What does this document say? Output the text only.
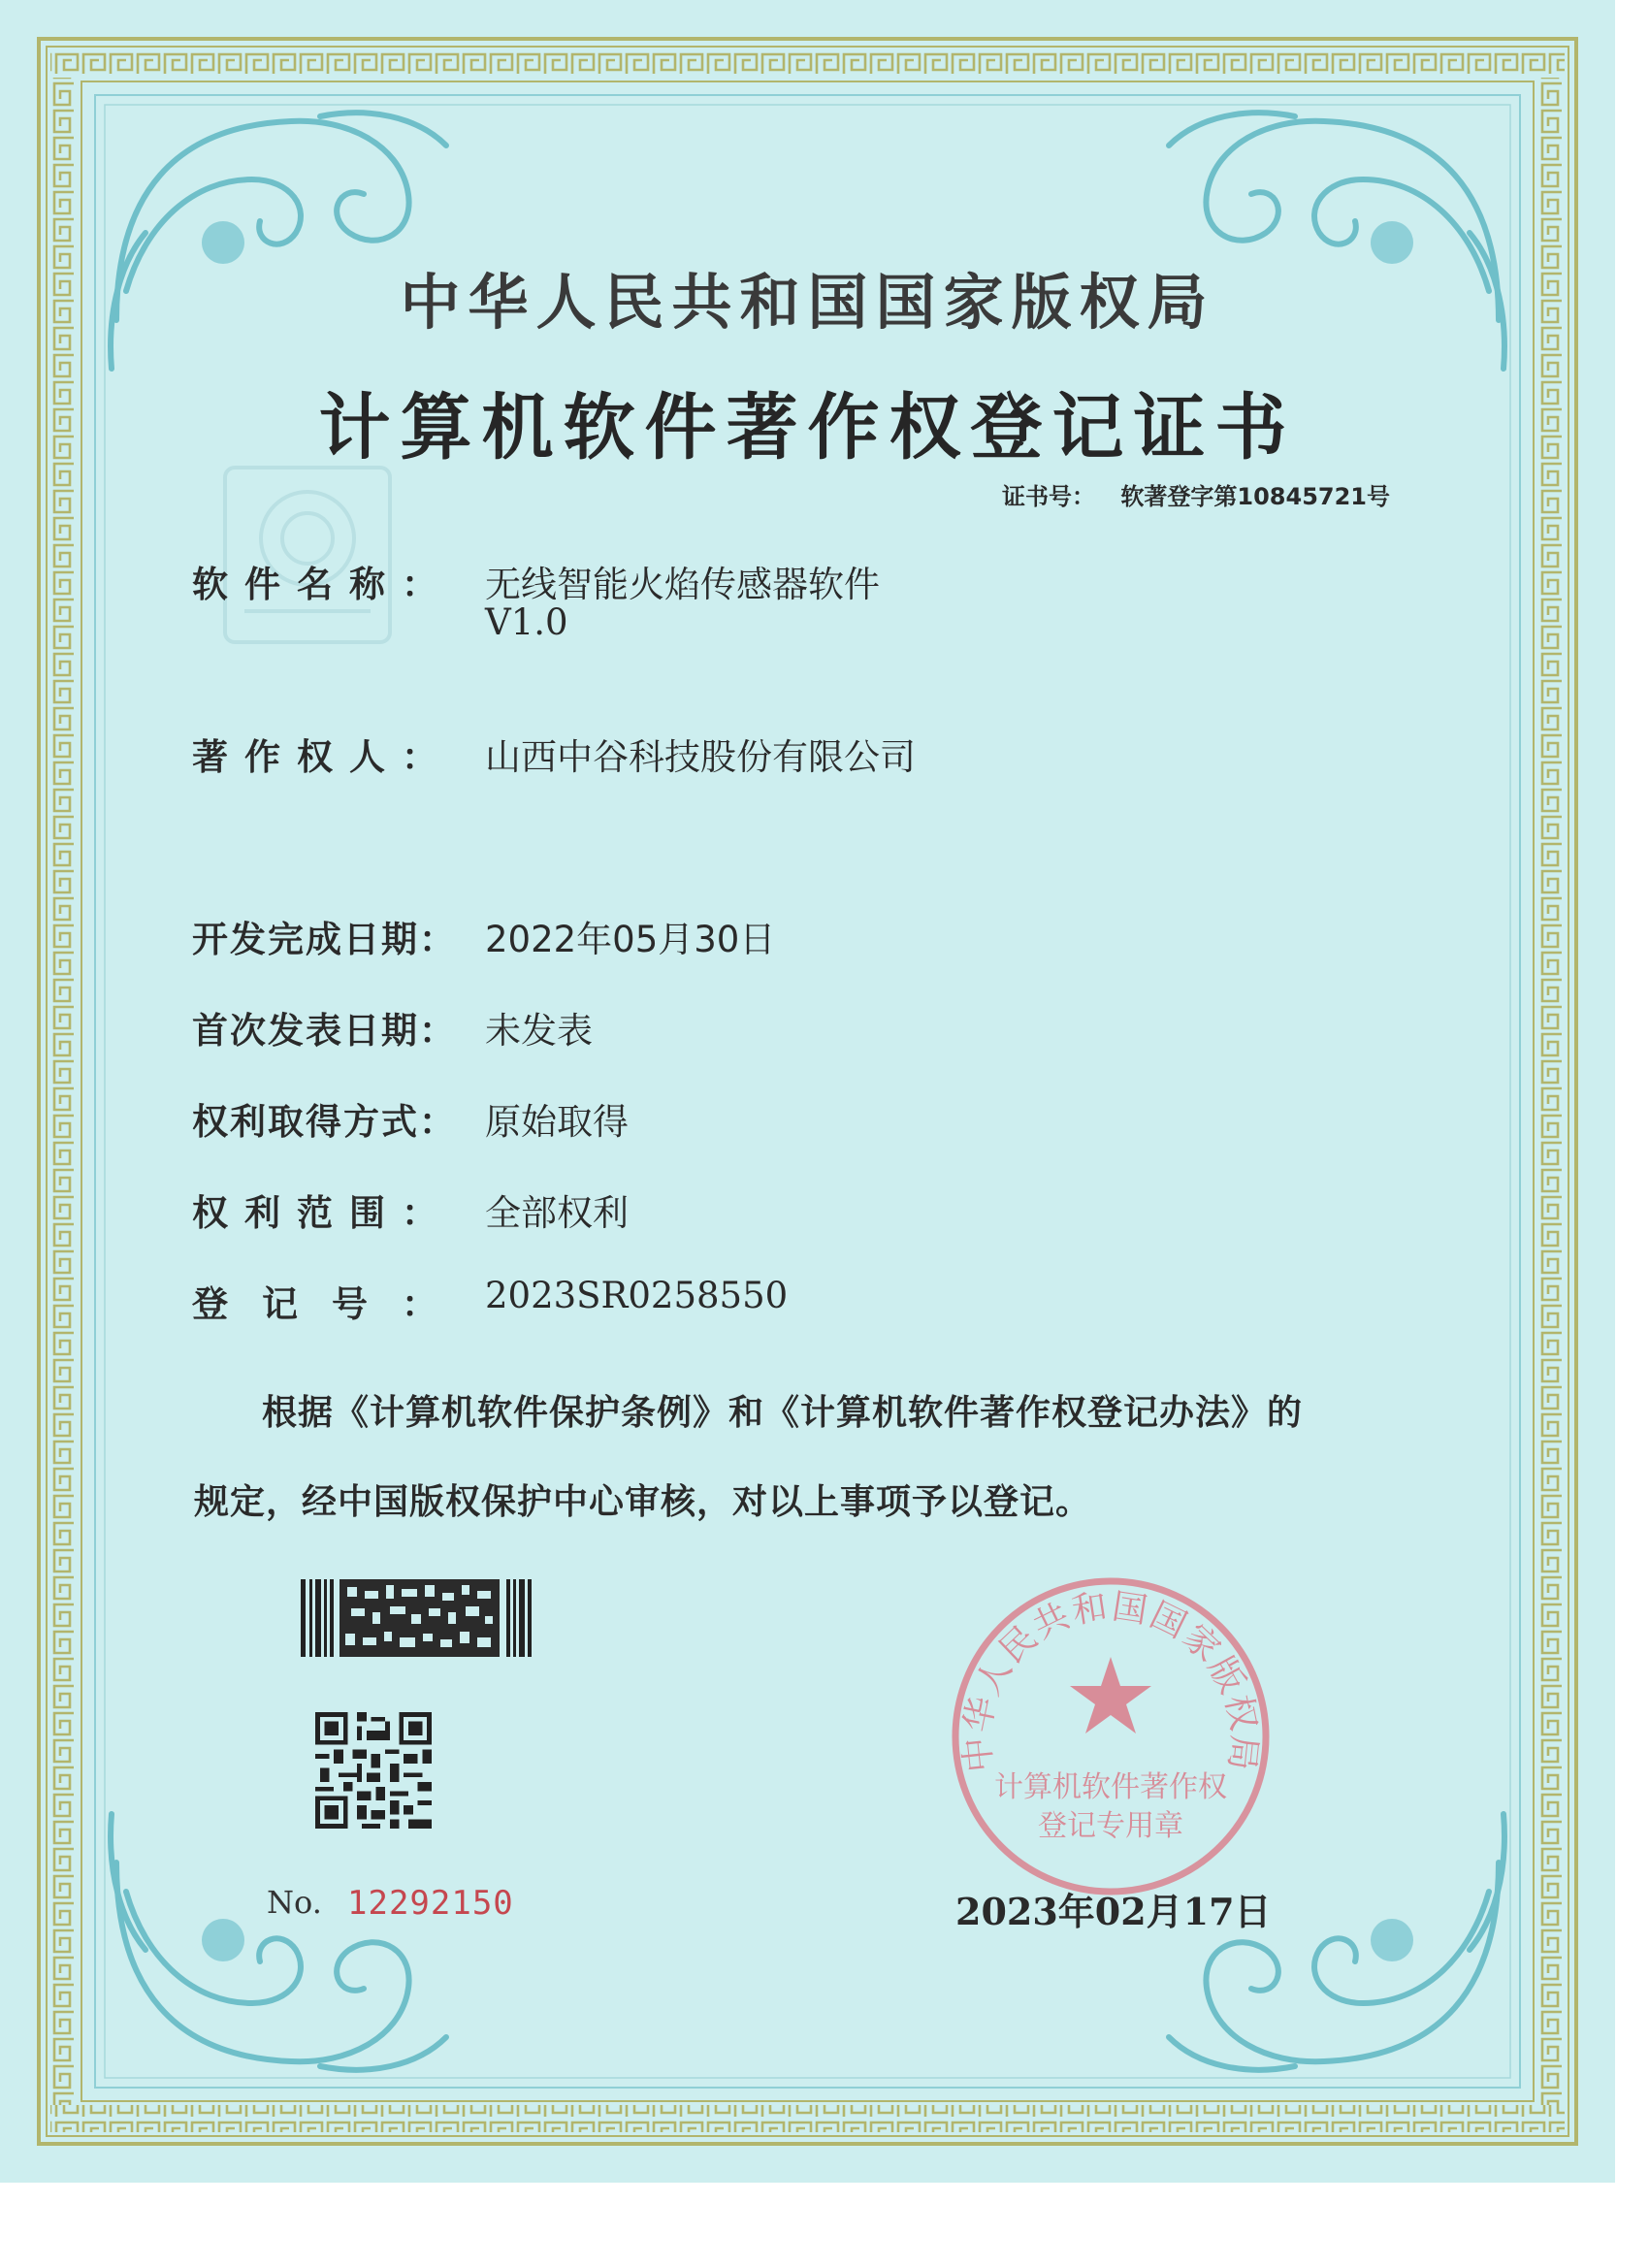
中华人民共和国国家版权局
计算机软件著作权登记证书
证书号： 软著登字第10845721号
软 件 名 称 ： 无线智能火焰传感器软件
V1.0
著 作 权 人 ： 山西中谷科技股份有限公司
开发完成日期： 2022年05月30日
首次发表日期： 未发表
权利取得方式： 原始取得
权 利 范 围 ： 全部权利
登 记 号 ： 2023SR0258550
根据《计算机软件保护条例》和《计算机软件著作权登记办法》的
规定，经中国版权保护中心审核，对以上事项予以登记。
No. 12292150	2023年02月17日
中华人民共和国国家版权局
计算机软件著作权
登记专用章
